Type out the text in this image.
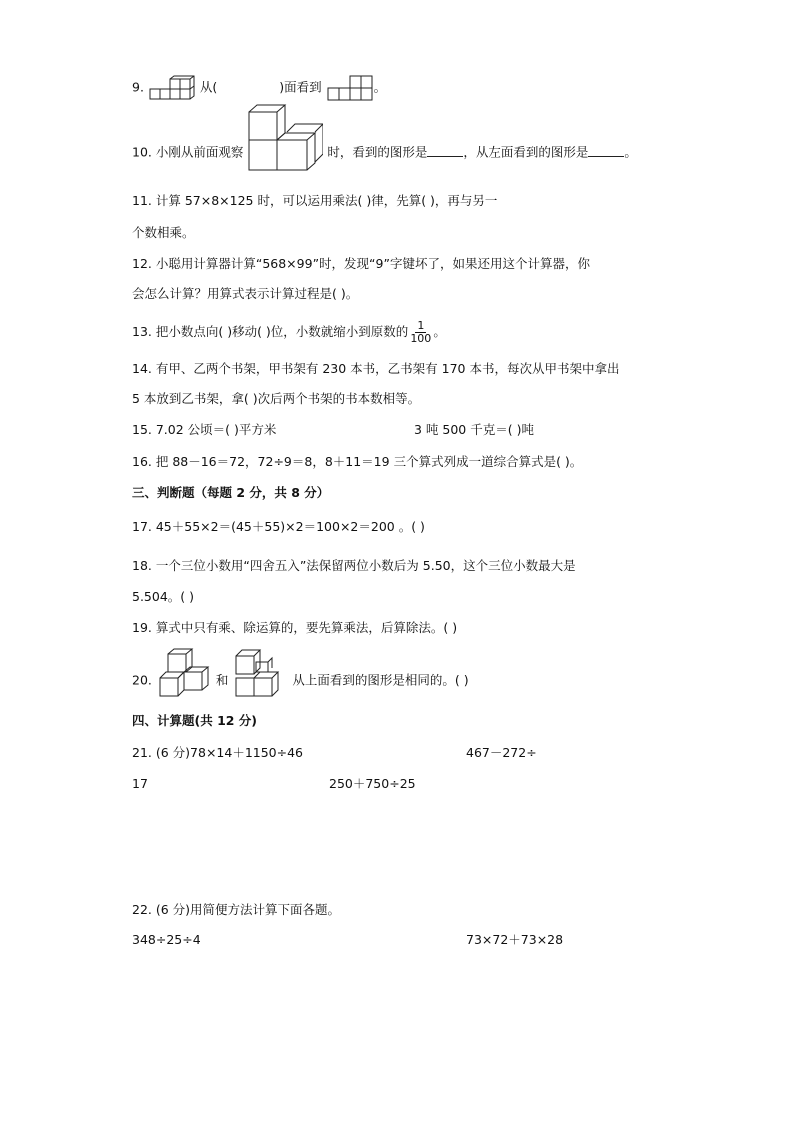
9.	从(	)面看到	。
10. 小刚从前面观察	时，看到的图形是	，从左面看到的图形是	。
11. 计算 57×8×125 时，可以运用乘法( )律，先算( )，再与另一
个数相乘。
12. 小聪用计算器计算“568×99”时，发现“9”字键坏了，如果还用这个计算器，你
会怎么计算？用算式表示计算过程是( )。
13. 把小数点向( )移动( )位，小数就缩小到原数的 $\frac{1}{100}$ 。
14. 有甲、乙两个书架，甲书架有 230 本书，乙书架有 170 本书，每次从甲书架中拿出
5 本放到乙书架，拿( )次后两个书架的书本数相等。
15. 7.02 公顷＝( )平方米	3 吨 500 千克＝( )吨
16. 把 88－16＝72，72÷9＝8，8＋11＝19 三个算式列成一道综合算式是( )。
三、判断题（每题 2 分，共 8 分）
17. 45＋55×2＝(45＋55)×2＝100×2＝200 。( )
18. 一个三位小数用“四舍五入”法保留两位小数后为 5.50，这个三位小数最大是
5.504。( )
19. 算式中只有乘、除运算的，要先算乘法，后算除法。( )
20.	和	从上面看到的图形是相同的。( )
四、计算题(共 12 分)
21. (6 分)78×14＋1150÷46	467－272÷
17	250＋750÷25
22. (6 分)用简便方法计算下面各题。
348÷25÷4	73×72＋73×28
